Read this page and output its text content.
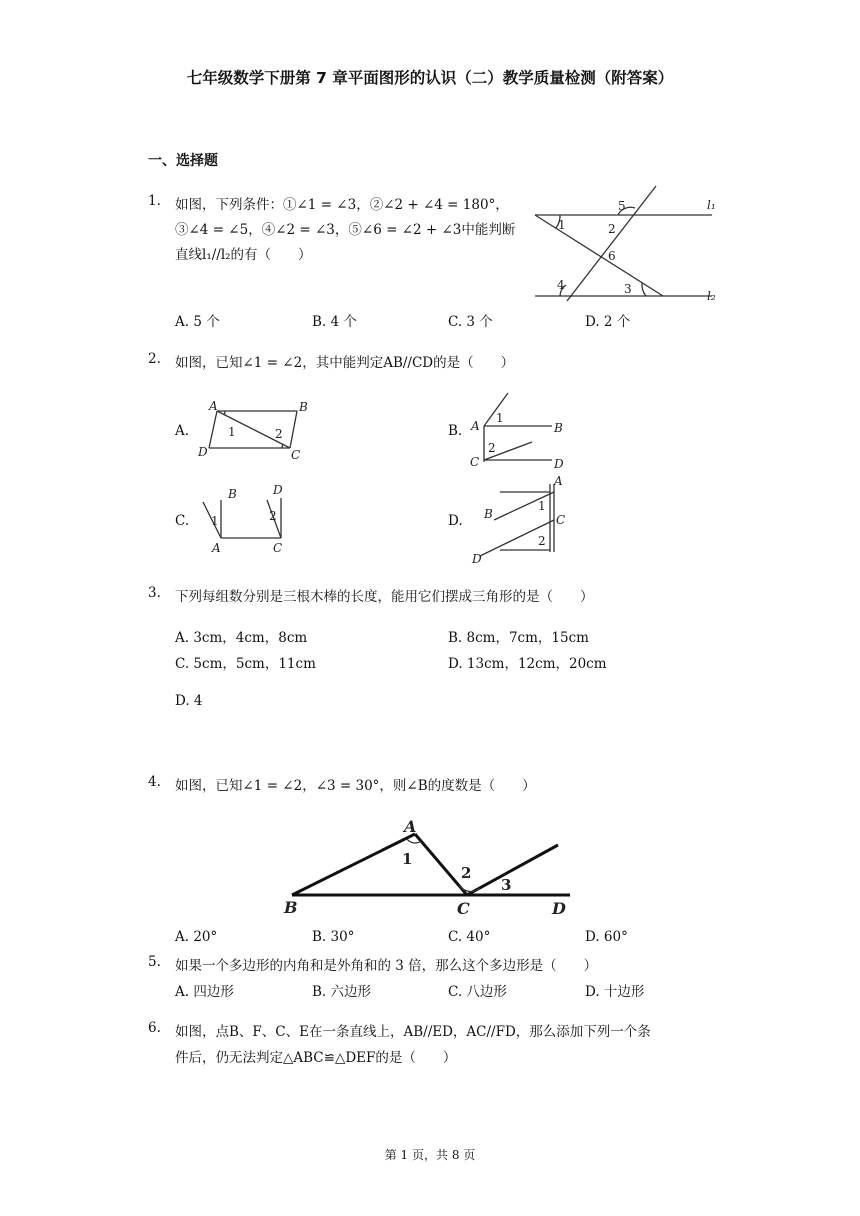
七年级数学下册第 7 章平面图形的认识（二）教学质量检测（附答案）
一、选择题
1. 如图，下列条件：①∠1 = ∠3，②∠2 + ∠4 = 180°，
③∠4 = ∠5，④∠2 = ∠3，⑤∠6 = ∠2 + ∠3中能判断
直线l₁//l₂的有（　　）
l₁
l₂
1	2
5
6
4	3
A. 5 个	B. 4 个	C. 3 个	D. 2 个
2. 如图，已知∠1 = ∠2，其中能判定AB//CD的是（　　）
A.
A	B
C
D
1	2	B. A	B
C	D
1
2
C.
B
A
D
C
1	2	D.
A
B	C
D
1
2
3. 下列每组数分别是三根木棒的长度，能用它们摆成三角形的是（　　）
A. 3cm，4cm，8cm	B. 8cm，7cm，15cm
C. 5cm，5cm，11cm	D. 13cm，12cm，20cm
D. 4
4. 如图，已知∠1 = ∠2，∠3 = 30°，则∠B的度数是（　　）
1
2
3
A
B	C	D
A. 20°	B. 30°	C. 40°	D. 60°
5. 如果一个多边形的内角和是外角和的 3 倍，那么这个多边形是（　　）
A. 四边形	B. 六边形	C. 八边形	D. 十边形
6. 如图，点B、F、C、E在一条直线上，AB//ED，AC//FD，那么添加下列一个条
件后，仍无法判定△ABC≌△DEF的是（　　）
第 1 页，共 8 页
